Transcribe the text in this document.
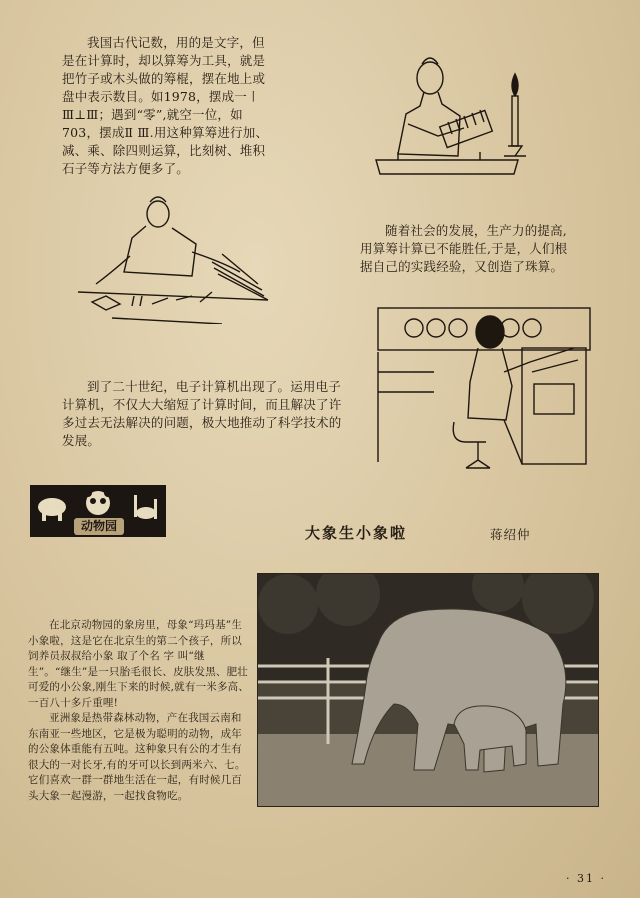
我国古代记数，用的是文字，但是在计算时，却以算筹为工具，就是把竹子或木头做的筹棍，摆在地上或盘中表示数目。如1978，摆成一〡Ⅲ⊥Ⅲ；遇到“零”,就空一位，如703，摆成Ⅱ Ⅲ.用这种算筹进行加、减、乘、除四则运算，比刻树、堆积石子等方法方便多了。

随着社会的发展，生产力的提高,用算筹计算已不能胜任,于是，人们根据自己的实践经验，又创造了珠算。

到了二十世纪，电子计算机出现了。运用电子计算机，不仅大大缩短了计算时间，而且解决了许多过去无法解决的问题，极大地推动了科学技术的发展。

动物园	大象生小象啦	蒋绍仲

在北京动物园的象房里，母象“玛玛基”生小象啦，这是它在北京生的第二个孩子，所以饲养员叔叔给小象 取了个名 字 叫“继 生”。“继生”是一只胎毛很长、皮肤发黑、肥壮可爱的小公象,刚生下来的时候,就有一米多高、一百八十多斤重哩!

亚洲象是热带森林动物，产在我国云南和东南亚一些地区，它是极为聪明的动物，成年的公象体重能有五吨。这种象只有公的才生有很大的一对长牙,有的牙可以长到两米六、七。它们喜欢一群一群地生活在一起，有时候几百头大象一起漫游，一起找食物吃。

· 31 ·
